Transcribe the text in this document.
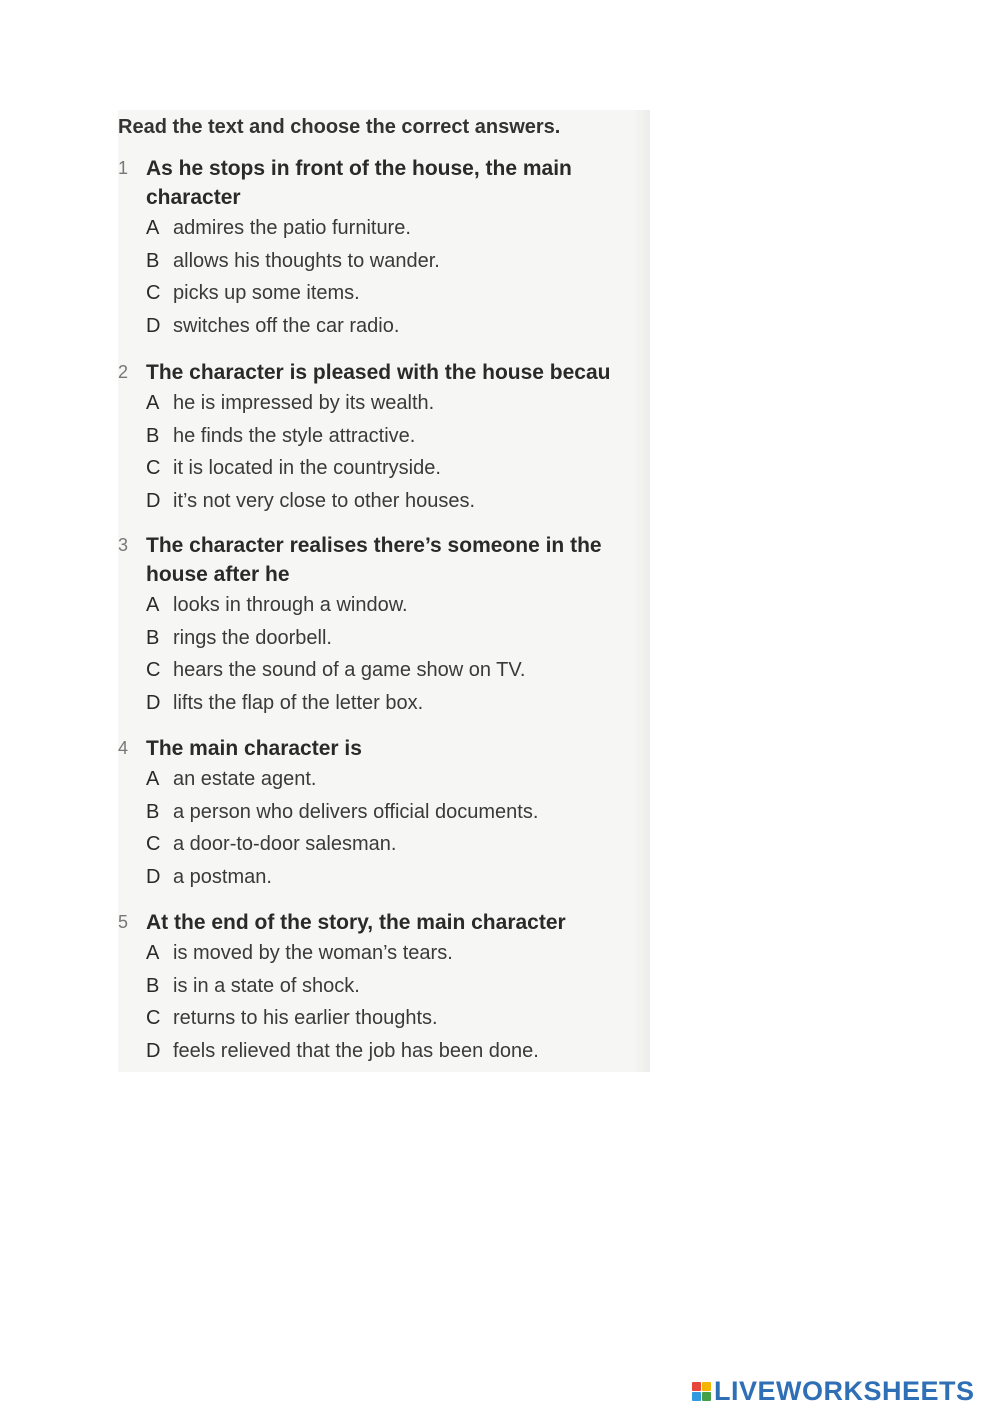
Read the text and choose the correct answers.
1 As he stops in front of the house, the main character
A admires the patio furniture.
B allows his thoughts to wander.
C picks up some items.
D switches off the car radio.
2 The character is pleased with the house becau
A he is impressed by its wealth.
B he finds the style attractive.
C it is located in the countryside.
D it’s not very close to other houses.
3 The character realises there’s someone in the house after he
A looks in through a window.
B rings the doorbell.
C hears the sound of a game show on TV.
D lifts the flap of the letter box.
4 The main character is
A an estate agent.
B a person who delivers official documents.
C a door-to-door salesman.
D a postman.
5 At the end of the story, the main character
A is moved by the woman’s tears.
B is in a state of shock.
C returns to his earlier thoughts.
D feels relieved that the job has been done.
LIVEWORKSHEETS
